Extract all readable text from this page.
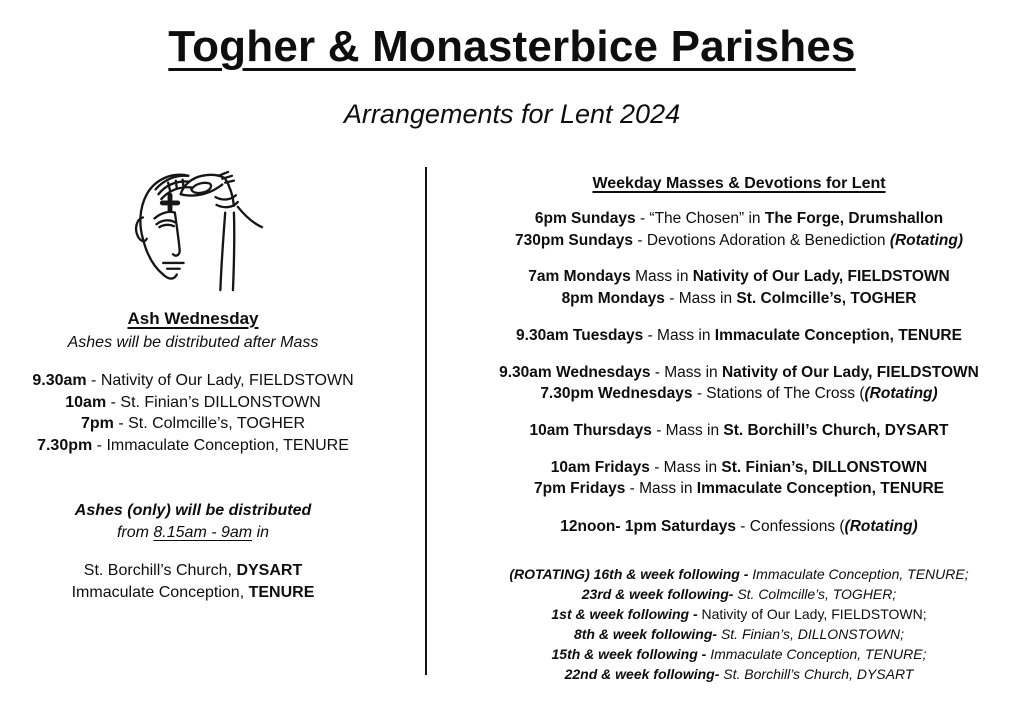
Togher & Monasterbice Parishes
Arrangements for Lent 2024
Ash Wednesday
Ashes will be distributed after Mass
9.30am - Nativity of Our Lady, FIELDSTOWN
10am - St. Finian’s DILLONSTOWN
7pm - St. Colmcille’s, TOGHER
7.30pm - Immaculate Conception, TENURE
Ashes (only) will be distributed
from 8.15am - 9am in
St. Borchill’s Church, DYSART
Immaculate Conception, TENURE
Weekday Masses & Devotions for Lent
6pm Sundays - “The Chosen” in The Forge, Drumshallon
730pm Sundays - Devotions Adoration & Benediction (Rotating)
7am Mondays Mass in Nativity of Our Lady, FIELDSTOWN
8pm Mondays - Mass in St. Colmcille’s, TOGHER
9.30am Tuesdays - Mass in Immaculate Conception, TENURE
9.30am Wednesdays - Mass in Nativity of Our Lady, FIELDSTOWN
7.30pm Wednesdays - Stations of The Cross ((Rotating)
10am Thursdays - Mass in St. Borchill’s Church, DYSART
10am Fridays - Mass in St. Finian’s, DILLONSTOWN
7pm Fridays - Mass in Immaculate Conception, TENURE
12noon- 1pm Saturdays - Confessions ((Rotating)
(ROTATING) 16th & week following - Immaculate Conception, TENURE;
23rd & week following- St. Colmcille’s, TOGHER;
1st & week following - Nativity of Our Lady, FIELDSTOWN;
8th & week following- St. Finian’s, DILLONSTOWN;
15th & week following - Immaculate Conception, TENURE;
22nd & week following- St. Borchill’s Church, DYSART
